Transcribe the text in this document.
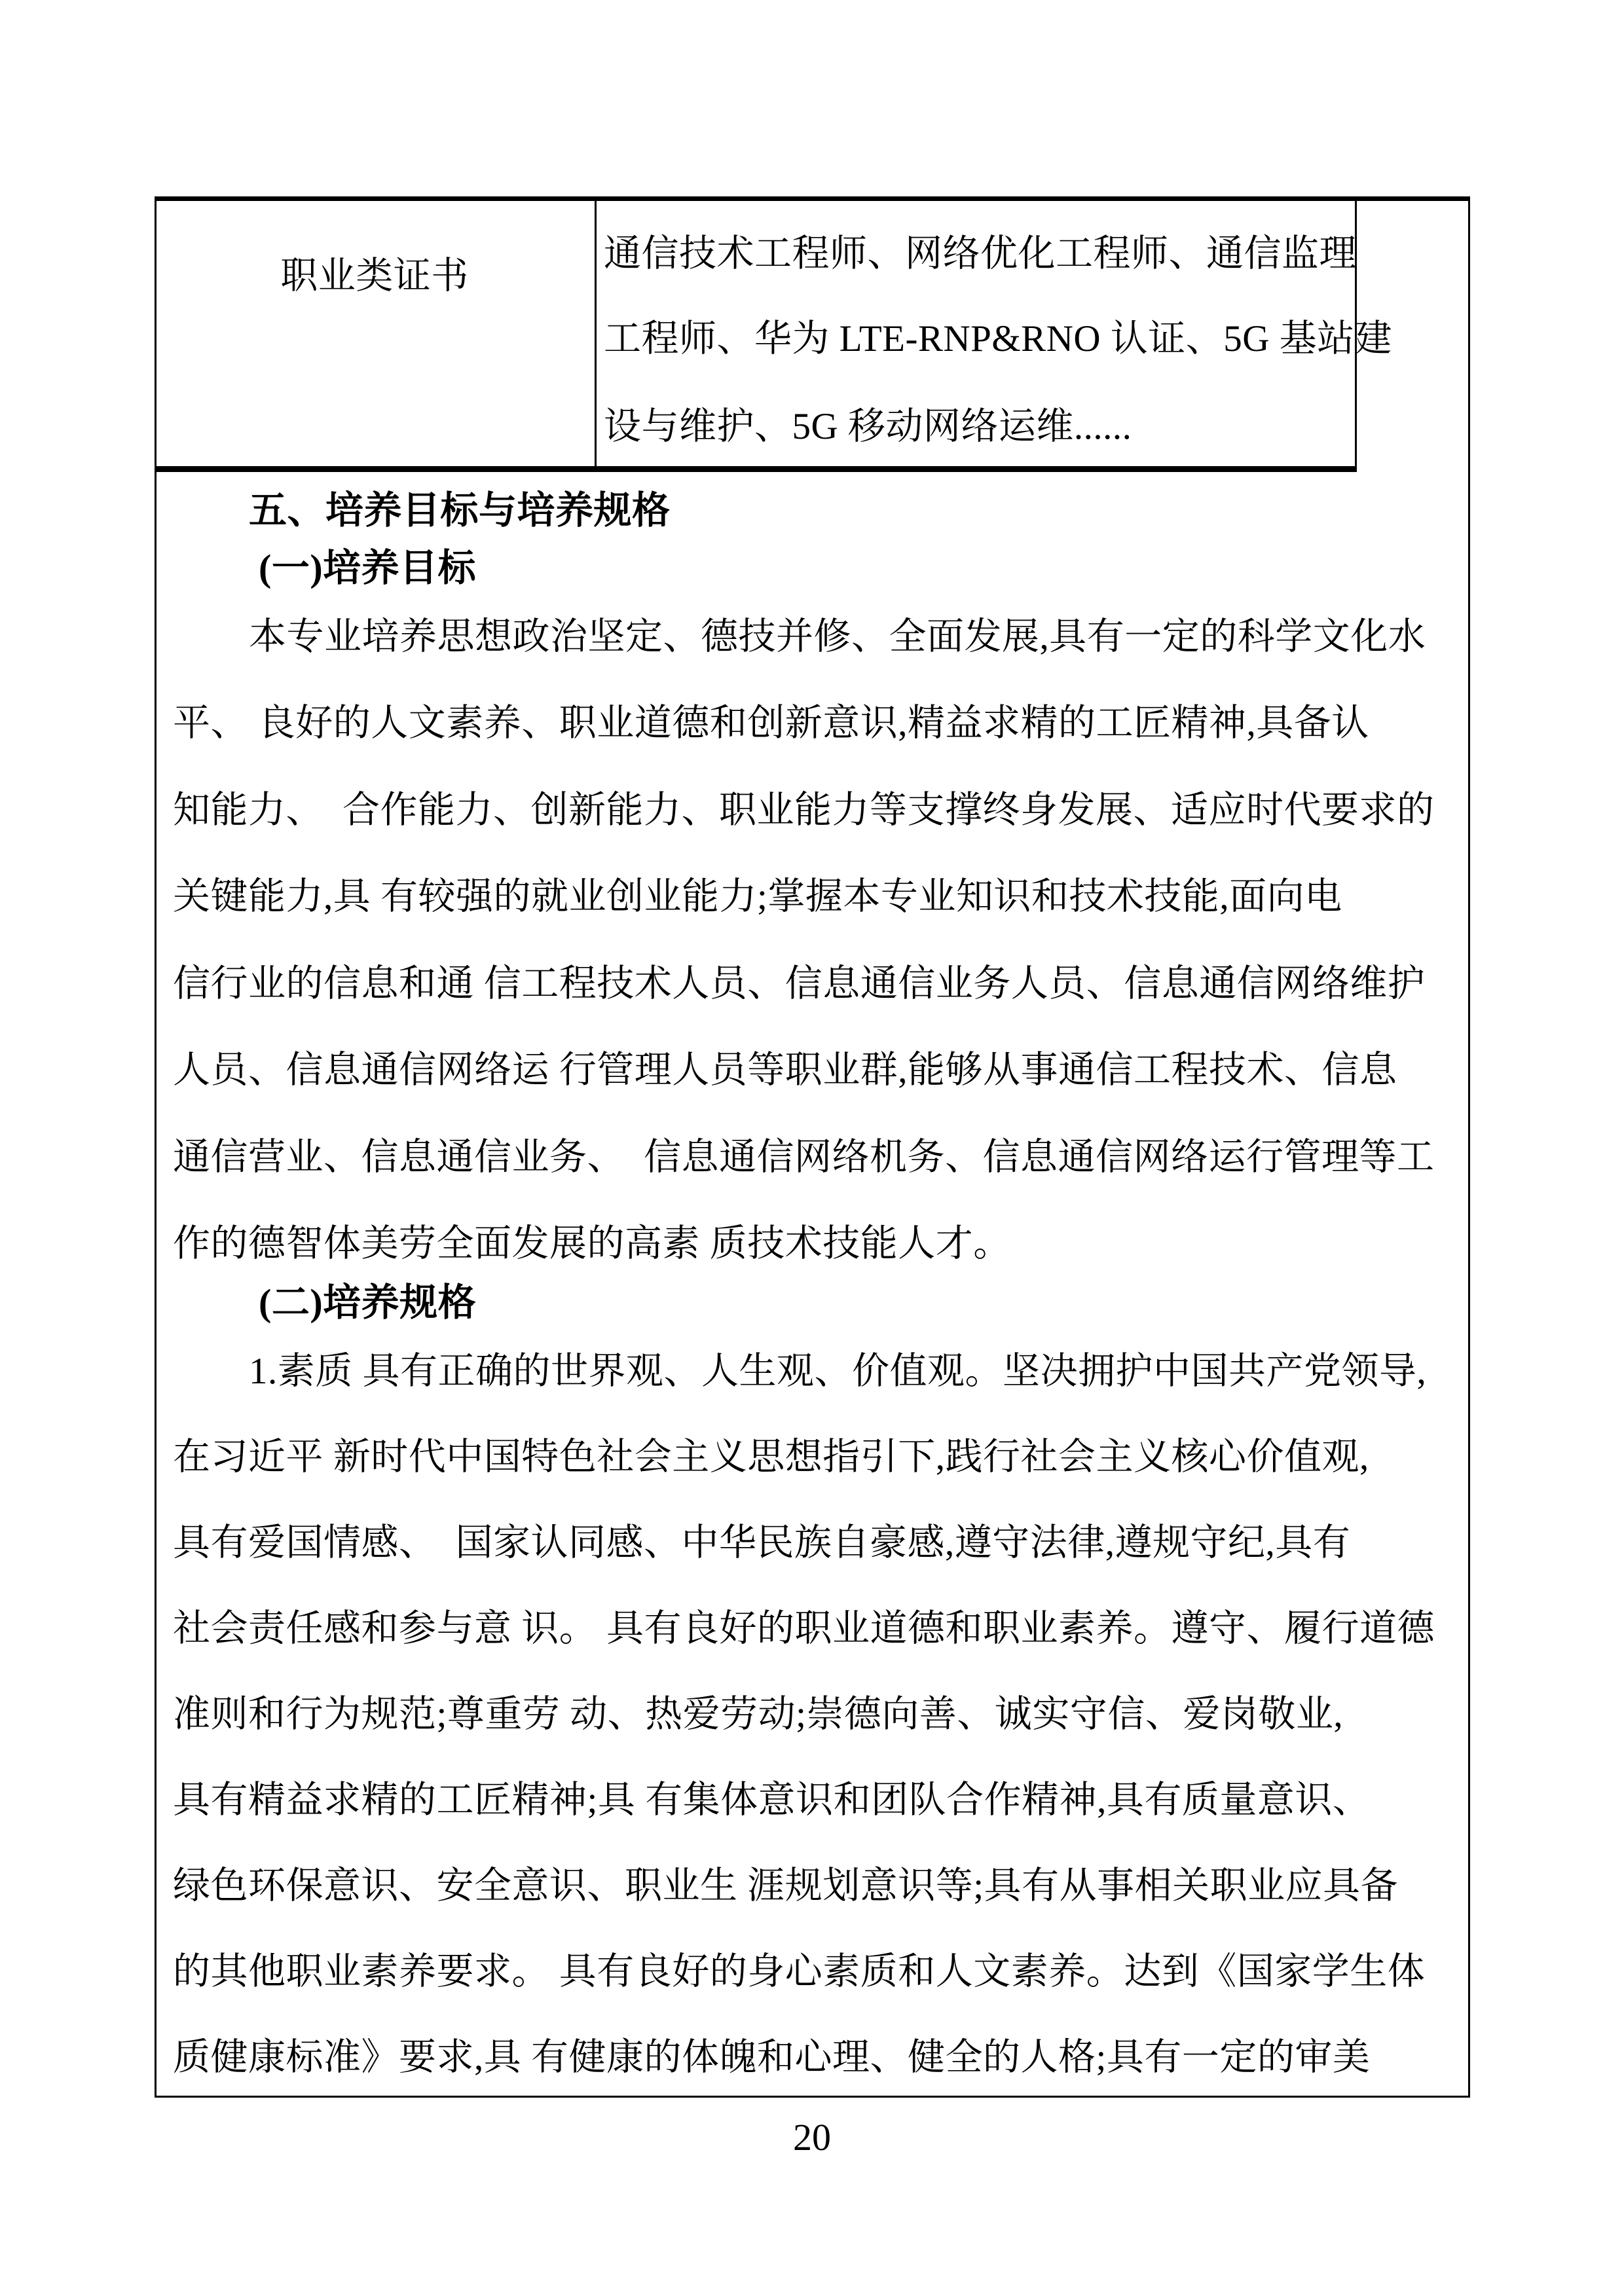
职业类证书
通信技术工程师、网络优化工程师、通信监理
工程师、华为 LTE-RNP&RNO 认证、5G 基站建
设与维护、5G 移动网络运维......
五、培养目标与培养规格
(一)培养目标
本专业培养思想政治坚定、德技并修、全面发展,具有一定的科学文化水
平、 良好的人文素养、职业道德和创新意识,精益求精的工匠精神,具备认
知能力、　合作能力、创新能力、职业能力等支撑终身发展、适应时代要求的
关键能力,具 有较强的就业创业能力;掌握本专业知识和技术技能,面向电
信行业的信息和通 信工程技术人员、信息通信业务人员、信息通信网络维护
人员、信息通信网络运 行管理人员等职业群,能够从事通信工程技术、信息
通信营业、信息通信业务、　信息通信网络机务、信息通信网络运行管理等工
作的德智体美劳全面发展的高素 质技术技能人才。
(二)培养规格
1.素质 具有正确的世界观、人生观、价值观。坚决拥护中国共产党领导,
在习近平 新时代中国特色社会主义思想指引下,践行社会主义核心价值观,
具有爱国情感、　国家认同感、中华民族自豪感,遵守法律,遵规守纪,具有
社会责任感和参与意 识。 具有良好的职业道德和职业素养。遵守、履行道德
准则和行为规范;尊重劳 动、热爱劳动;崇德向善、诚实守信、爱岗敬业,
具有精益求精的工匠精神;具 有集体意识和团队合作精神,具有质量意识、
绿色环保意识、安全意识、职业生 涯规划意识等;具有从事相关职业应具备
的其他职业素养要求。 具有良好的身心素质和人文素养。达到《国家学生体
质健康标准》要求,具 有健康的体魄和心理、健全的人格;具有一定的审美
20
